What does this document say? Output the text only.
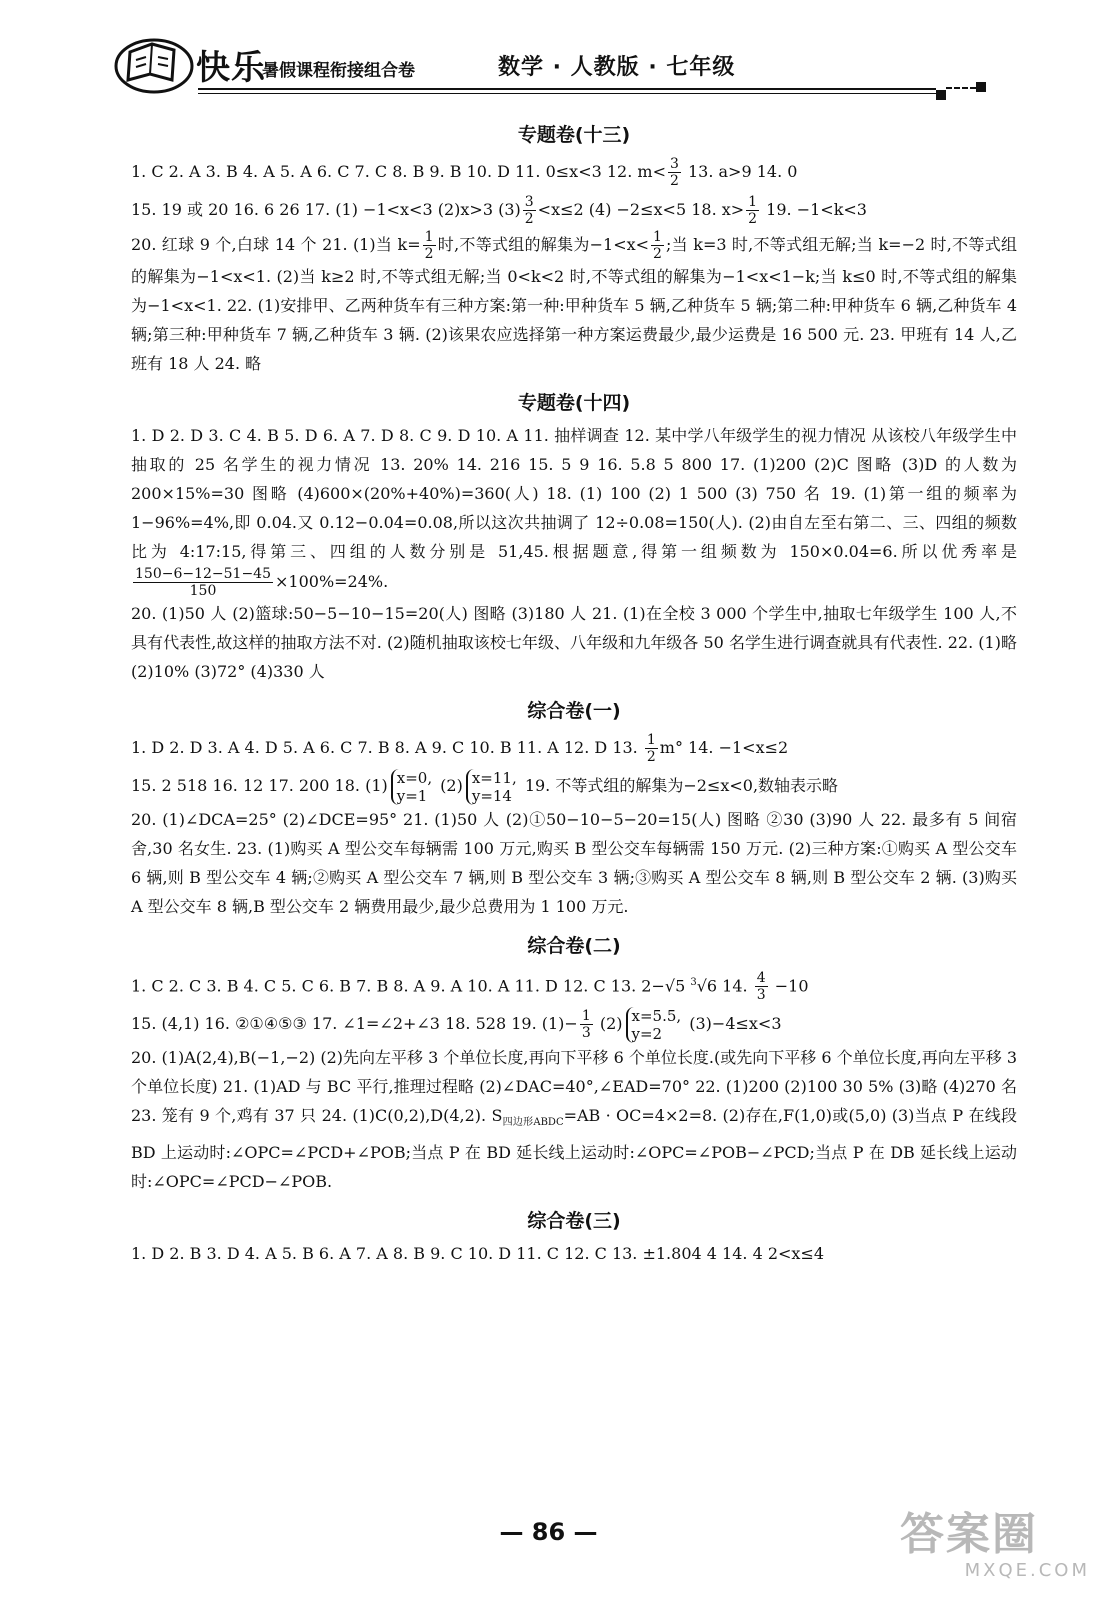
快乐
暑假课程衔接组合卷	数学 · 人教版 · 七年级
专题卷(十三)

1. C 2. A 3. B 4. A 5. A 6. C 7. C 8. B 9. B 10. D 11. 0≤x<3 12. $m< \frac{3}{2} 13$. a>9 14. 0

15. 19 或 20 16. 6 26 17. (1) −1<x<3 (2)x>3 $(3) \frac{3}{2} <x\le 2$ (4) −2≤x<5 18. $x> \frac{1}{2} 19$. −1<k<3

20. 红球 9 个,白球 14 个 21. (1)当 $k= \frac{1}{2}$ 时,不等式组的解集为$-1<x< \frac{1}{2}$ ;当 k=3 时,不等式组无解;当 k=−2 时,不等式组的解集为−1<x<1. (2)当 k≥2 时,不等式组无解;当 0<k<2 时,不等式组的解集为−1<x<1−k;当 k≤0 时,不等式组的解集为−1<x<1. 22. (1)安排甲、乙两种货车有三种方案:第一种:甲种货车 5 辆,乙种货车 5 辆;第二种:甲种货车 6 辆,乙种货车 4 辆;第三种:甲种货车 7 辆,乙种货车 3 辆. (2)该果农应选择第一种方案运费最少,最少运费是 16 500 元. 23. 甲班有 14 人,乙班有 18 人 24. 略

专题卷(十四)

1. D 2. D 3. C 4. B 5. D 6. A 7. D 8. C 9. D 10. A 11. 抽样调查 12. 某中学八年级学生的视力情况 从该校八年级学生中抽取的 25 名学生的视力情况 13. 20% 14. 216 15. 5 9 16. 5.8 5 800 17. (1)200 (2)C 图略 (3)D 的人数为 200×15%=30 图略 (4)600×(20%+40%)=360(人) 18. (1) 100 (2) 1 500 (3) 750 名 19. (1)第一组的频率为 1−96%=4%,即 0.04.又 0.12−0.04=0.08,所以这次共抽调了 12÷0.08=150(人). (2)由自左至右第二、三、四组的频数比为 4:17:15,得第三、四组的人数分别是 51,45.根据题意,得第一组频数为 150×0.04=6.所以优秀率是
$\frac{150-6-12-51-45}{150} \times 100\%=24\%$.

20. (1)50 人 (2)篮球:50−5−10−15=20(人) 图略 (3)180 人 21. (1)在全校 3 000 个学生中,抽取七年级学生 100 人,不具有代表性,故这样的抽取方法不对. (2)随机抽取该校七年级、八年级和九年级各 50 名学生进行调查就具有代表性. 22. (1)略 (2)10% (3)72° (4)330 人

综合卷(一)

1. D 2. D 3. A 4. D 5. A 6. C 7. B 8. A 9. C 10. B 11. A 12. D 13. $\frac{1}{2} m^\circ$ 14. −1<x≤2

15. 2 518 16. 12 17. 200 18. (1) x=0,
y=1
(2) x=11,
y=14
19. 不等式组的解集为−2≤x<0,数轴表示略

20. (1)∠DCA=25° (2)∠DCE=95° 21. (1)50 人 (2)①50−10−5−20=15(人) 图略 ②30 (3)90 人 22. 最多有 5 间宿舍,30 名女生. 23. (1)购买 A 型公交车每辆需 100 万元,购买 B 型公交车每辆需 150 万元. (2)三种方案:①购买 A 型公交车 6 辆,则 B 型公交车 4 辆;②购买 A 型公交车 7 辆,则 B 型公交车 3 辆;③购买 A 型公交车 8 辆,则 B 型公交车 2 辆. (3)购买 A 型公交车 8 辆,B 型公交车 2 辆费用最少,最少总费用为 1 100 万元.

综合卷(二)

1. C 2. C 3. B 4. C 5. C 6. B 7. B 8. A 9. A 10. A 11. D 12. C 13. 2−√5 $^3$√6 14. $\frac{4}{3} -10$

15. (4,1) 16. ②①④⑤③ 17. ∠1=∠2+∠3 18. 528 19. $(1)- \frac{1}{3} (2)$ x=5.5,
y=2
(3)−4≤x<3

20. (1)A(2,4),B(−1,−2) (2)先向左平移 3 个单位长度,再向下平移 6 个单位长度.(或先向下平移 6 个单位长度,再向左平移 3 个单位长度) 21. (1)AD 与 BC 平行,推理过程略 (2)∠DAC=40°,∠EAD=70° 22. (1)200 (2)100 30 5% (3)略 (4)270 名 23. 笼有 9 个,鸡有 37 只 24. (1)C(0,2),D(4,2). $S_{四边形ABDC}=AB \cdot OC=4\times 2=8$. (2)存在,F(1,0)或(5,0) (3)当点 P 在线段 BD 上运动时:∠OPC=∠PCD+∠POB;当点 P 在 BD 延长线上运动时:∠OPC=∠POB−∠PCD;当点 P 在 DB 延长线上运动时:∠OPC=∠PCD−∠POB.

综合卷(三)

1. D 2. B 3. D 4. A 5. B 6. A 7. A 8. B 9. C 10. D 11. C 12. C 13. ±1.804 4 14. 4 2<x≤4

— 86 —	答案圈
MXQE.COM
